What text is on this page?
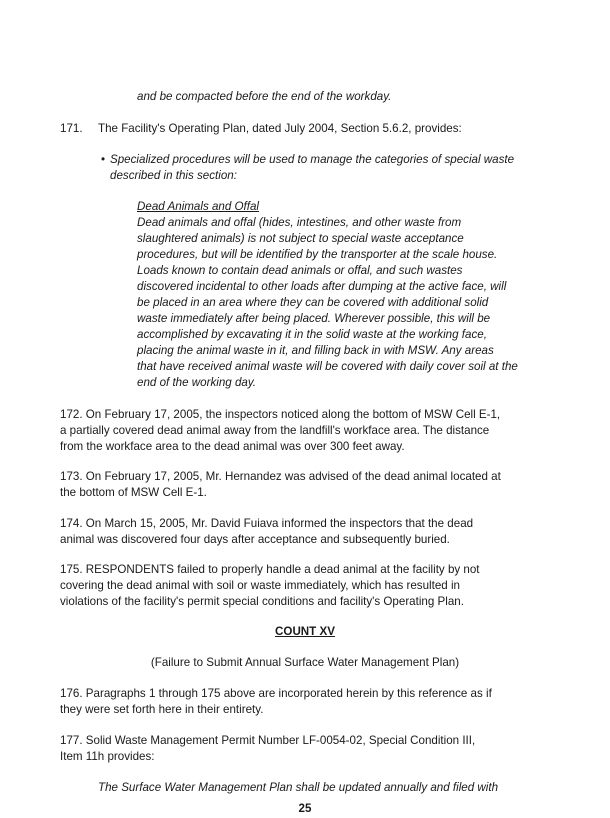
and be compacted before the end of the workday.
171. The Facility's Operating Plan, dated July 2004, Section 5.6.2, provides:
• Specialized procedures will be used to manage the categories of special waste
described in this section:
Dead Animals and Offal
Dead animals and offal (hides, intestines, and other waste from
slaughtered animals) is not subject to special waste acceptance
procedures, but will be identified by the transporter at the scale house.
Loads known to contain dead animals or offal, and such wastes
discovered incidental to other loads after dumping at the active face, will
be placed in an area where they can be covered with additional solid
waste immediately after being placed. Wherever possible, this will be
accomplished by excavating it in the solid waste at the working face,
placing the animal waste in it, and filling back in with MSW. Any areas
that have received animal waste will be covered with daily cover soil at the
end of the working day.
172. On February 17, 2005, the inspectors noticed along the bottom of MSW Cell E-1,
a partially covered dead animal away from the landfill's workface area. The distance
from the workface area to the dead animal was over 300 feet away.
173. On February 17, 2005, Mr. Hernandez was advised of the dead animal located at
the bottom of MSW Cell E-1.
174. On March 15, 2005, Mr. David Fuiava informed the inspectors that the dead
animal was discovered four days after acceptance and subsequently buried.
175. RESPONDENTS failed to properly handle a dead animal at the facility by not
covering the dead animal with soil or waste immediately, which has resulted in
violations of the facility's permit special conditions and facility's Operating Plan.
COUNT XV
(Failure to Submit Annual Surface Water Management Plan)
176. Paragraphs 1 through 175 above are incorporated herein by this reference as if
they were set forth here in their entirety.
177. Solid Waste Management Permit Number LF-0054-02, Special Condition III,
Item 11h provides:
The Surface Water Management Plan shall be updated annually and filed with
25
